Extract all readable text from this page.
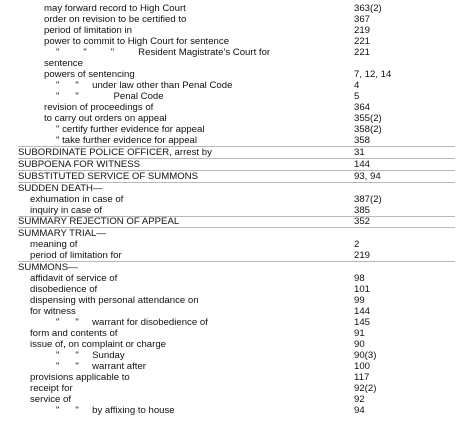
may forward record to High Court	363(2)
order on revision to be certified to	367
period of limitation in	219
power to commit to High Court for sentence	221
"         "         "         Resident Magistrate's Court for	221
sentence
powers of sentencing	7, 12, 14
"      "     under law other than Penal Code	4
"      "             Penal Code	5
revision of proceedings of	364
to carry out orders on appeal	355(2)
" certify further evidence for appeal	358(2)
" take further evidence for appeal	358
SUBORDINATE POLICE OFFICER, arrest by	31
SUBPOENA FOR WITNESS	144
SUBSTITUTED SERVICE OF SUMMONS	93, 94
SUDDEN DEATH—
exhumation in case of	387(2)
inquiry in case of	385
SUMMARY REJECTION OF APPEAL	352
SUMMARY TRIAL—
meaning of	2
period of limitation for	219
SUMMONS—
affidavit of service of	98
disobedience of	101
dispensing with personal attendance on	99
for witness	144
"      "     warrant for disobedience of	145
form and contents of	91
issue of, on complaint or charge	90
"      "     Sunday	90(3)
"      "     warrant after	100
provisions applicable to	117
receipt for	92(2)
service of	92
"      "     by affixing to house	94
